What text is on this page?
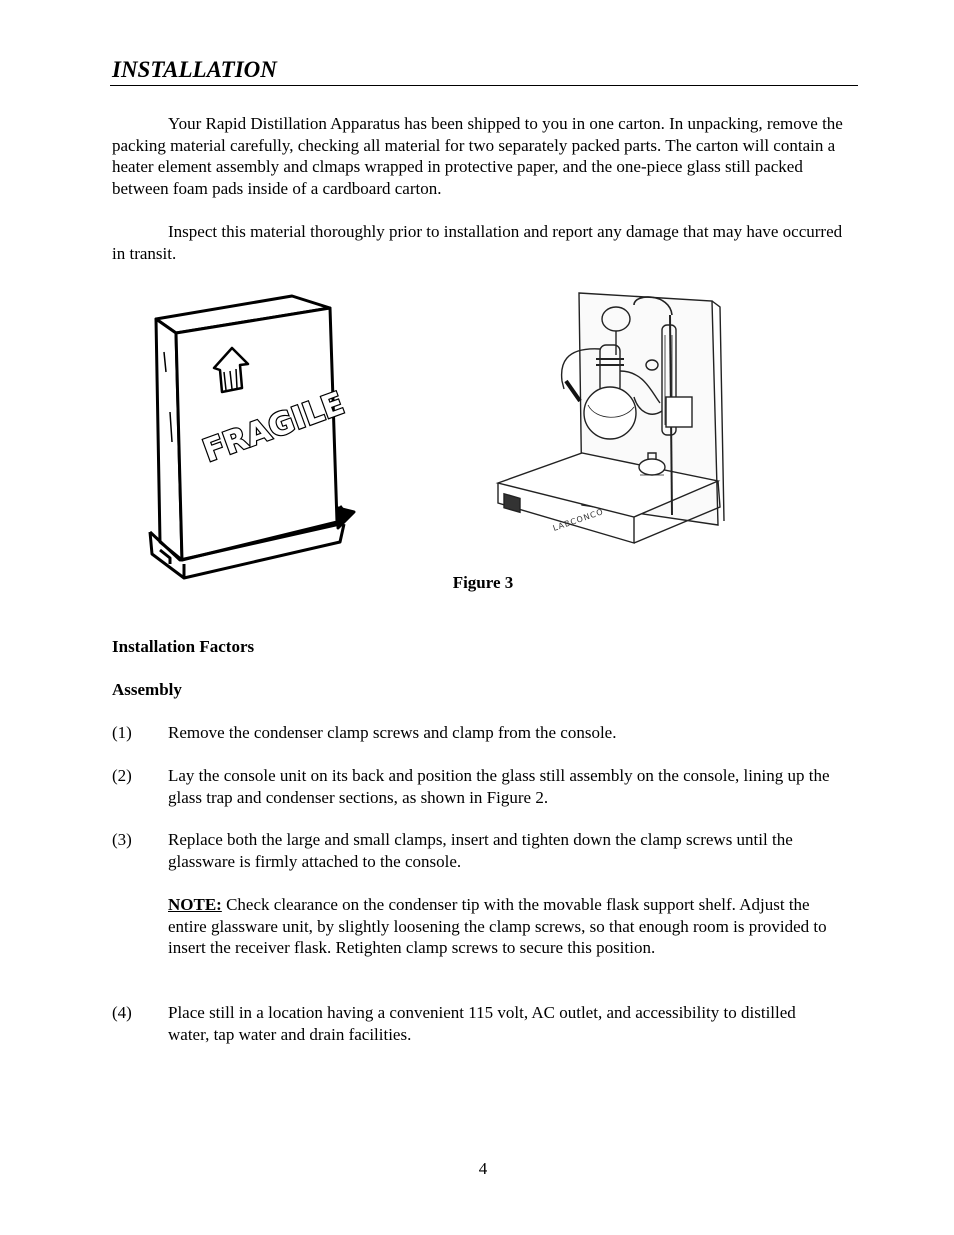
INSTALLATION

Your Rapid Distillation Apparatus has been shipped to you in one carton. In unpacking, remove the packing material carefully, checking all material for two separately packed parts. The carton will contain a heater element assembly and clmaps wrapped in protective paper, and the one-piece glass still packed between foam pads inside of a cardboard carton.

Inspect this material thoroughly prior to installation and report any damage that may have occurred in transit.

FRAGILE
LABCONCO
Figure 3
Installation Factors
Assembly
(1) Remove the condenser clamp screws and clamp from the console.

(2) Lay the console unit on its back and position the glass still assembly on the console, lining up the glass trap and condenser sections, as shown in Figure 2.

(3) Replace both the large and small clamps, insert and tighten down the clamp screws until the glassware is firmly attached to the console.

NOTE: Check clearance on the condenser tip with the movable flask support shelf. Adjust the entire glassware unit, by slightly loosening the clamp screws, so that enough room is provided to insert the receiver flask. Retighten clamp screws to secure this position.

(4) Place still in a location having a convenient 115 volt, AC outlet, and accessibility to distilled water, tap water and drain facilities.

4
